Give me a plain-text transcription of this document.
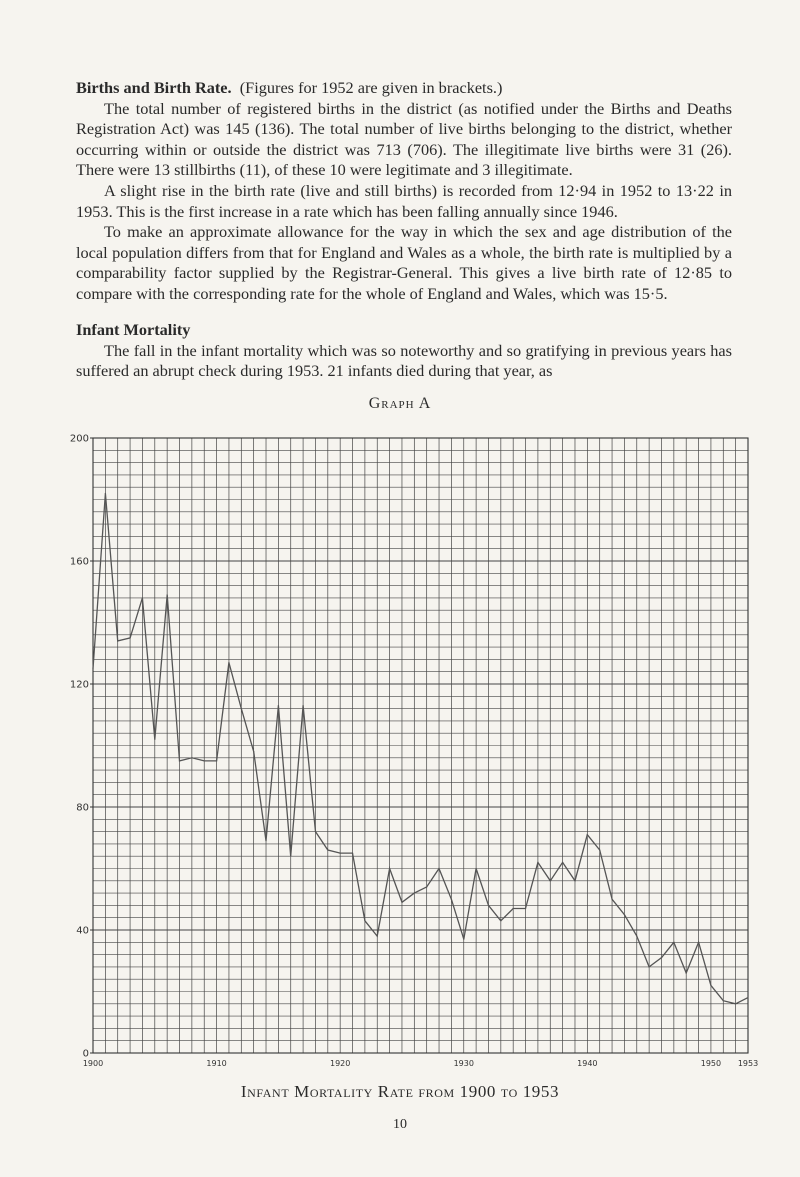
Births and Birth Rate. (Figures for 1952 are given in brackets.)

The total number of registered births in the district (as notified under the Births and Deaths Registration Act) was 145 (136). The total number of live births belonging to the district, whether occurring within or outside the district was 713 (706). The illegitimate live births were 31 (26). There were 13 stillbirths (11), of these 10 were legitimate and 3 illegitimate.

A slight rise in the birth rate (live and still births) is recorded from 12·94 in 1952 to 13·22 in 1953. This is the first increase in a rate which has been falling annually since 1946.

To make an approximate allowance for the way in which the sex and age distribution of the local population differs from that for England and Wales as a whole, the birth rate is multiplied by a comparability factor supplied by the Registrar-General. This gives a live birth rate of 12·85 to compare with the corresponding rate for the whole of England and Wales, which was 15·5.

Infant Mortality

The fall in the infant mortality which was so noteworthy and so gratifying in previous years has suffered an abrupt check during 1953. 21 infants died during that year, as

Graph A
0
40
80
120
160
200
1900	1910	1920	1930	1940	1950 1953
Infant Mortality Rate from 1900 to 1953
10
